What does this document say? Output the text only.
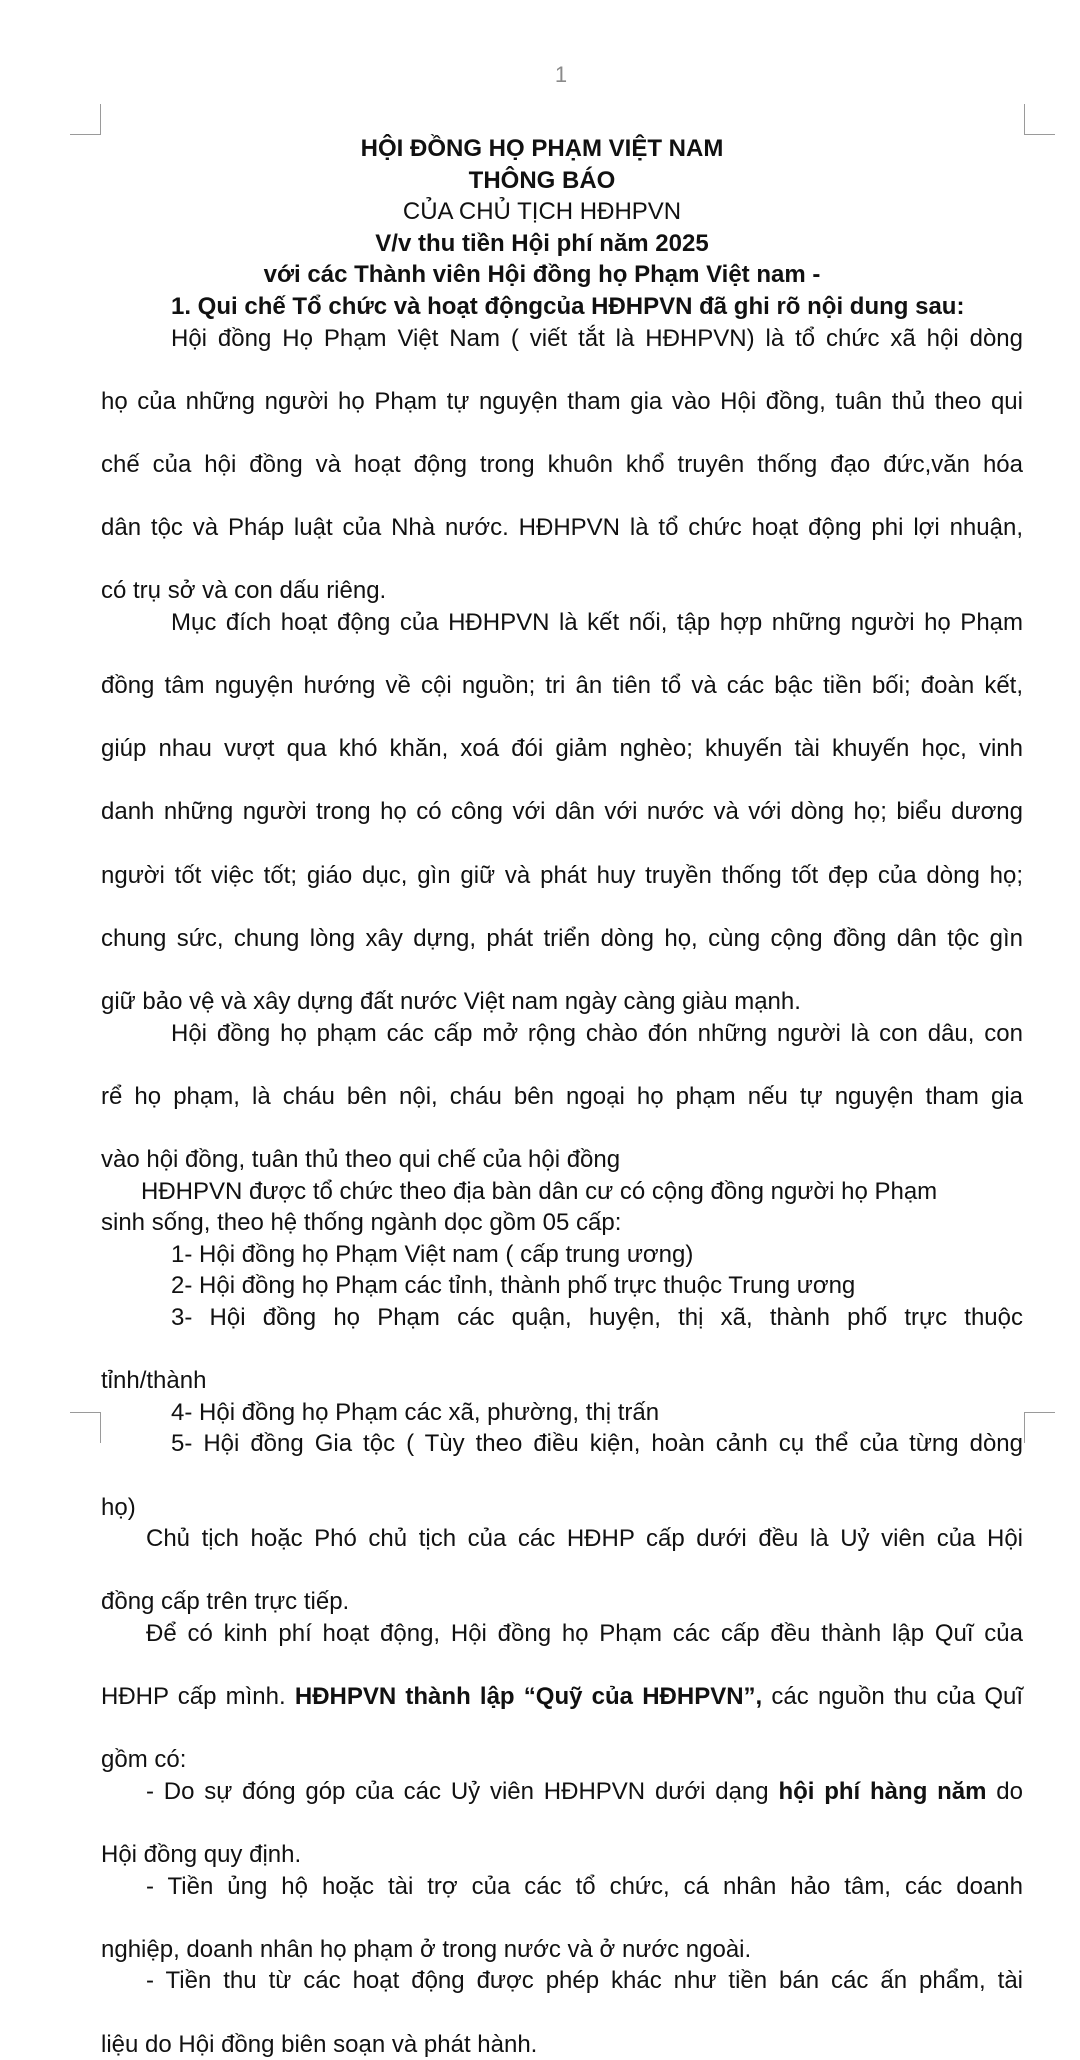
1

HỘI ĐỒNG HỌ PHẠM VIỆT NAM

THÔNG BÁO

CỦA CHỦ TỊCH HĐHPVN

V/v thu tiền Hội phí năm 2025

với các Thành viên Hội đồng họ Phạm Việt nam -

1. Qui chế Tổ chức và hoạt độngcủa HĐHPVN đã ghi rõ nội dung sau:

Hội đồng Họ Phạm Việt Nam ( viết tắt là HĐHPVN) là tổ chức xã hội dòng

họ của những người họ Phạm tự nguyện tham gia vào Hội đồng, tuân thủ theo qui

chế của hội đồng và hoạt động trong khuôn khổ truyên thống đạo đức,văn hóa

dân tộc và Pháp luật của Nhà nước. HĐHPVN là tổ chức hoạt động phi lợi nhuận,

có trụ sở và con dấu riêng.

Mục đích hoạt động của HĐHPVN là kết nối, tập hợp những người họ Phạm

đồng tâm nguyện hướng về cội nguồn; tri ân tiên tổ và các bậc tiền bối; đoàn kết,

giúp nhau vượt qua khó khăn, xoá đói giảm nghèo; khuyến tài khuyến học, vinh

danh những người trong họ có công với dân với nước và với dòng họ; biểu dương

người tốt việc tốt; giáo dục, gìn giữ và phát huy truyền thống tốt đẹp của dòng họ;

chung sức, chung lòng xây dựng, phát triển dòng họ, cùng cộng đồng dân tộc gìn

giữ bảo vệ và xây dựng đất nước Việt nam ngày càng giàu mạnh.

Hội đồng họ phạm các cấp mở rộng chào đón những người là con dâu, con

rể họ phạm, là cháu bên nội, cháu bên ngoại họ phạm nếu tự nguyện tham gia

vào hội đồng, tuân thủ theo qui chế của hội đồng

HĐHPVN được tổ chức theo địa bàn dân cư có cộng đồng người họ Phạm

sinh sống, theo hệ thống ngành dọc gồm 05 cấp:

1- Hội đồng họ Phạm Việt nam ( cấp trung ương)

2- Hội đồng họ Phạm các tỉnh, thành phố trực thuộc Trung ương

3- Hội đồng họ Phạm các quận, huyện, thị xã, thành phố trực thuộc

tỉnh/thành

4- Hội đồng họ Phạm các xã, phường, thị trấn

5- Hội đồng Gia tộc ( Tùy theo điều kiện, hoàn cảnh cụ thể của từng dòng

họ)

Chủ tịch hoặc Phó chủ tịch của các HĐHP cấp dưới đều là Uỷ viên của Hội

đồng cấp trên trực tiếp.

Để có kinh phí hoạt động, Hội đồng họ Phạm các cấp đều thành lập Quĩ của

HĐHP cấp mình. HĐHPVN thành lập “Quỹ của HĐHPVN”, các nguồn thu của Quĩ

gồm có:

- Do sự đóng góp của các Uỷ viên HĐHPVN dưới dạng hội phí hàng năm do

Hội đồng quy định.

- Tiền ủng hộ hoặc tài trợ của các tổ chức, cá nhân hảo tâm, các doanh

nghiệp, doanh nhân họ phạm ở trong nước và ở nước ngoài.

- Tiền thu từ các hoạt động được phép khác như tiền bán các ấn phẩm, tài

liệu do Hội đồng biên soạn và phát hành.
